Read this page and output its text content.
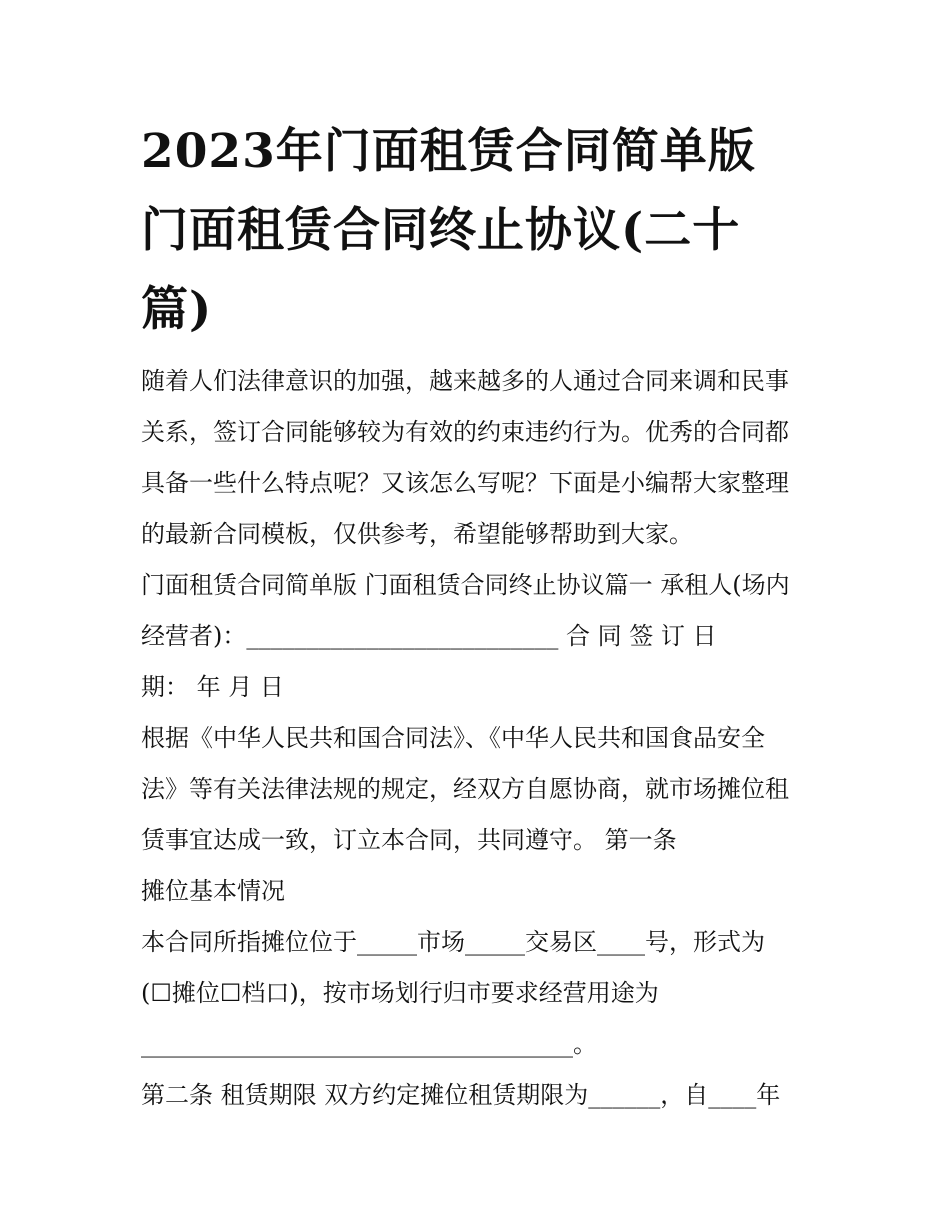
2023年门面租赁合同简单版
门面租赁合同终止协议(二十
篇)
随着人们法律意识的加强，越来越多的人通过合同来调和民事
关系，签订合同能够较为有效的约束违约行为。优秀的合同都
具备一些什么特点呢？又该怎么写呢？下面是小编帮大家整理
的最新合同模板，仅供参考，希望能够帮助到大家。
门面租赁合同简单版 门面租赁合同终止协议篇一 承租人(场内
经营者)：__________________________ 合 同 签 订 日
期： 年 月 日
根据《中华人民共和国合同法》、《中华人民共和国食品安全
法》等有关法律法规的规定，经双方自愿协商，就市场摊位租
赁事宜达成一致，订立本合同，共同遵守。 第一条
摊位基本情况
本合同所指摊位位于_____市场_____交易区____号，形式为
(☐摊位☐档口)，按市场划行归市要求经营用途为
____________________________________。
第二条 租赁期限 双方约定摊位租赁期限为______，自____年
